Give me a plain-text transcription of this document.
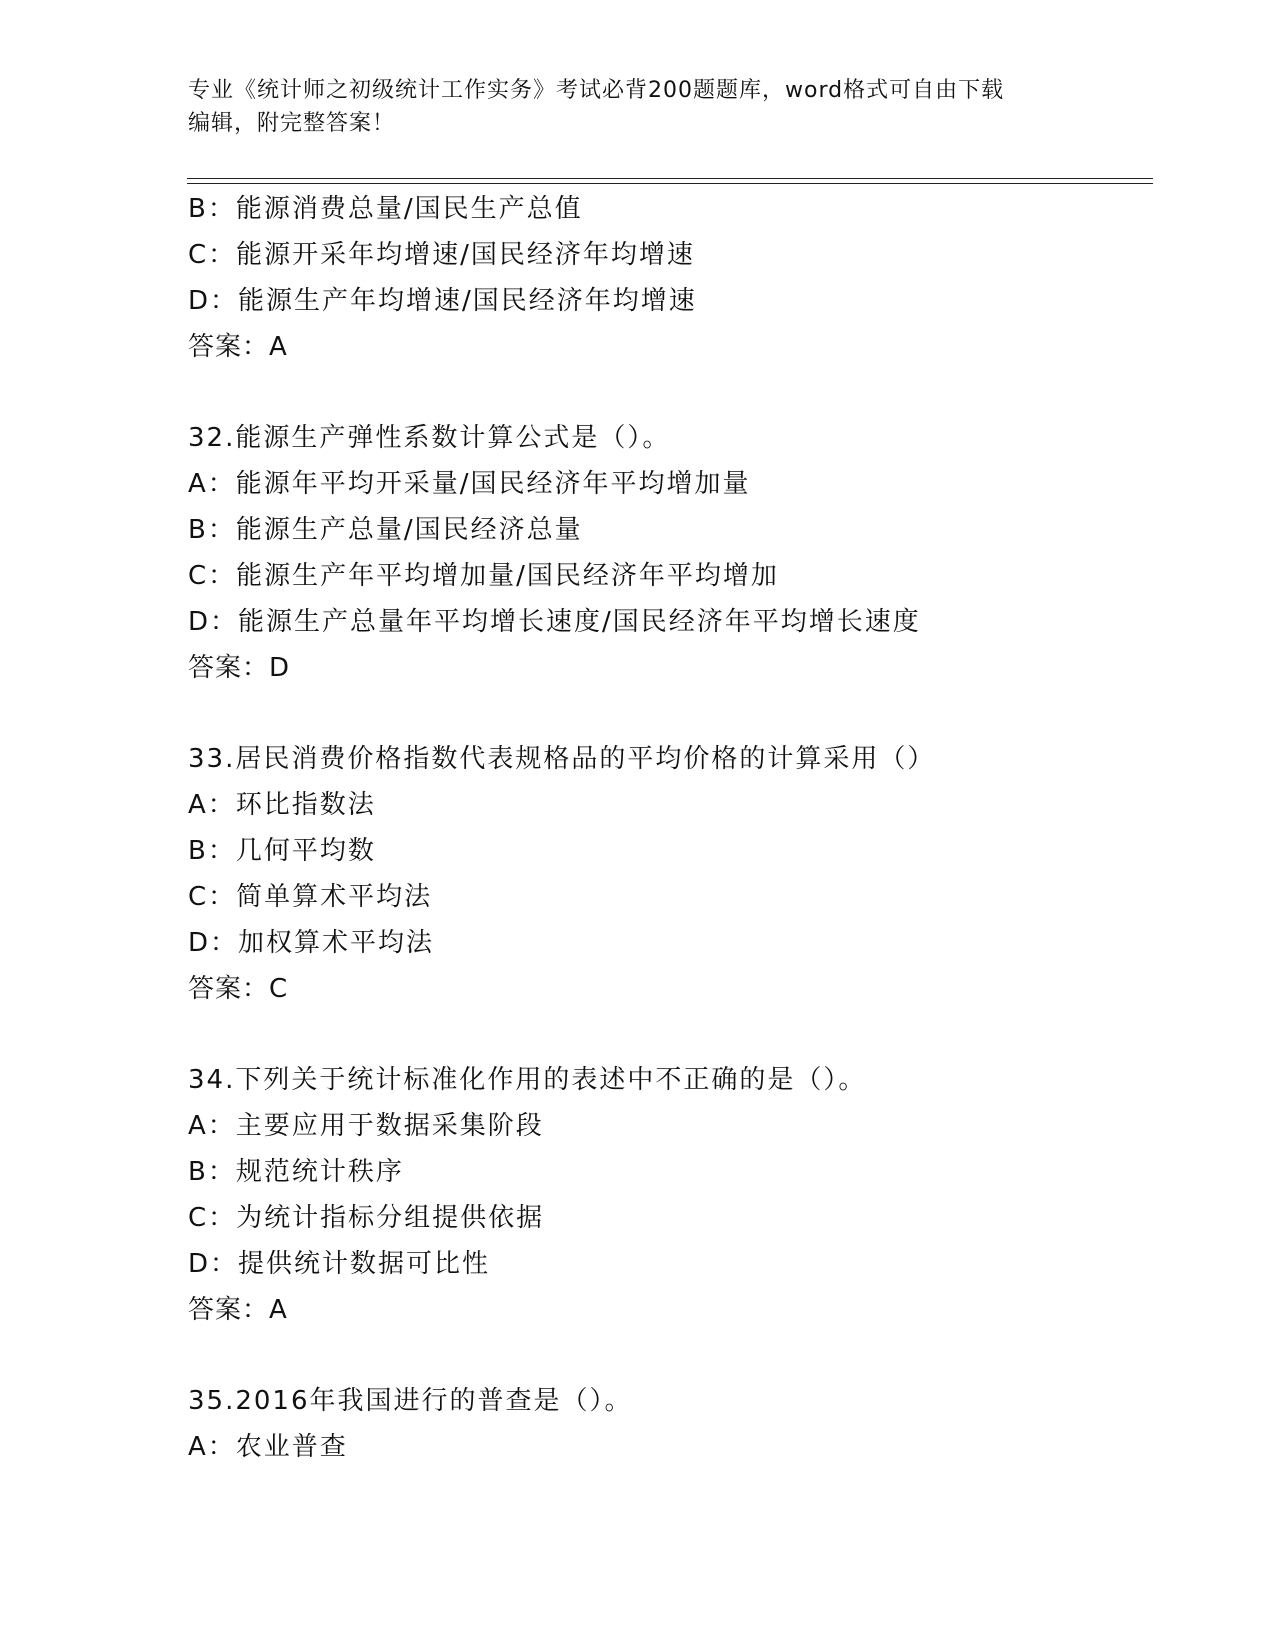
专业《统计师之初级统计工作实务》考试必背200题题库，word格式可自由下载
编辑，附完整答案！
B：能源消费总量/国民生产总值
C：能源开采年均增速/国民经济年均增速
D：能源生产年均增速/国民经济年均增速
答案：A
32.能源生产弹性系数计算公式是（）。
A：能源年平均开采量/国民经济年平均增加量
B：能源生产总量/国民经济总量
C：能源生产年平均增加量/国民经济年平均增加
D：能源生产总量年平均增长速度/国民经济年平均增长速度
答案：D
33.居民消费价格指数代表规格品的平均价格的计算采用（）
A：环比指数法
B：几何平均数
C：简单算术平均法
D：加权算术平均法
答案：C
34.下列关于统计标准化作用的表述中不正确的是（）。
A：主要应用于数据采集阶段
B：规范统计秩序
C：为统计指标分组提供依据
D：提供统计数据可比性
答案：A
35.2016年我国进行的普查是（）。
A：农业普查
